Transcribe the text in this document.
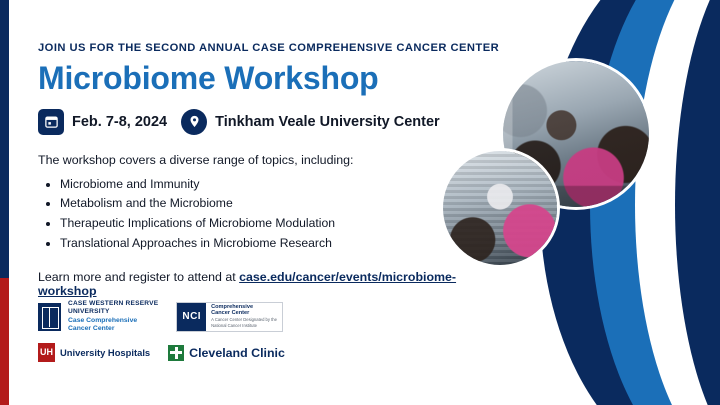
JOIN US FOR THE SECOND ANNUAL CASE COMPREHENSIVE CANCER CENTER

Microbiome Workshop
Feb. 7-8, 2024	Tinkham Veale University Center

The workshop covers a diverse range of topics, including:

• Microbiome and Immunity
• Metabolism and the Microbiome
• Therapeutic Implications of Microbiome Modulation
• Translational Approaches in Microbiome Research

Learn more and register to attend at case.edu/cancer/events/microbiome-workshop

CASE WESTERN RESERVE
UNIVERSITY
Case Comprehensive
Cancer Center
NCI
Comprehensive
Cancer Center
A Cancer Center Designated by the
National Cancer Institute
UH University Hospitals	Cleveland Clinic
